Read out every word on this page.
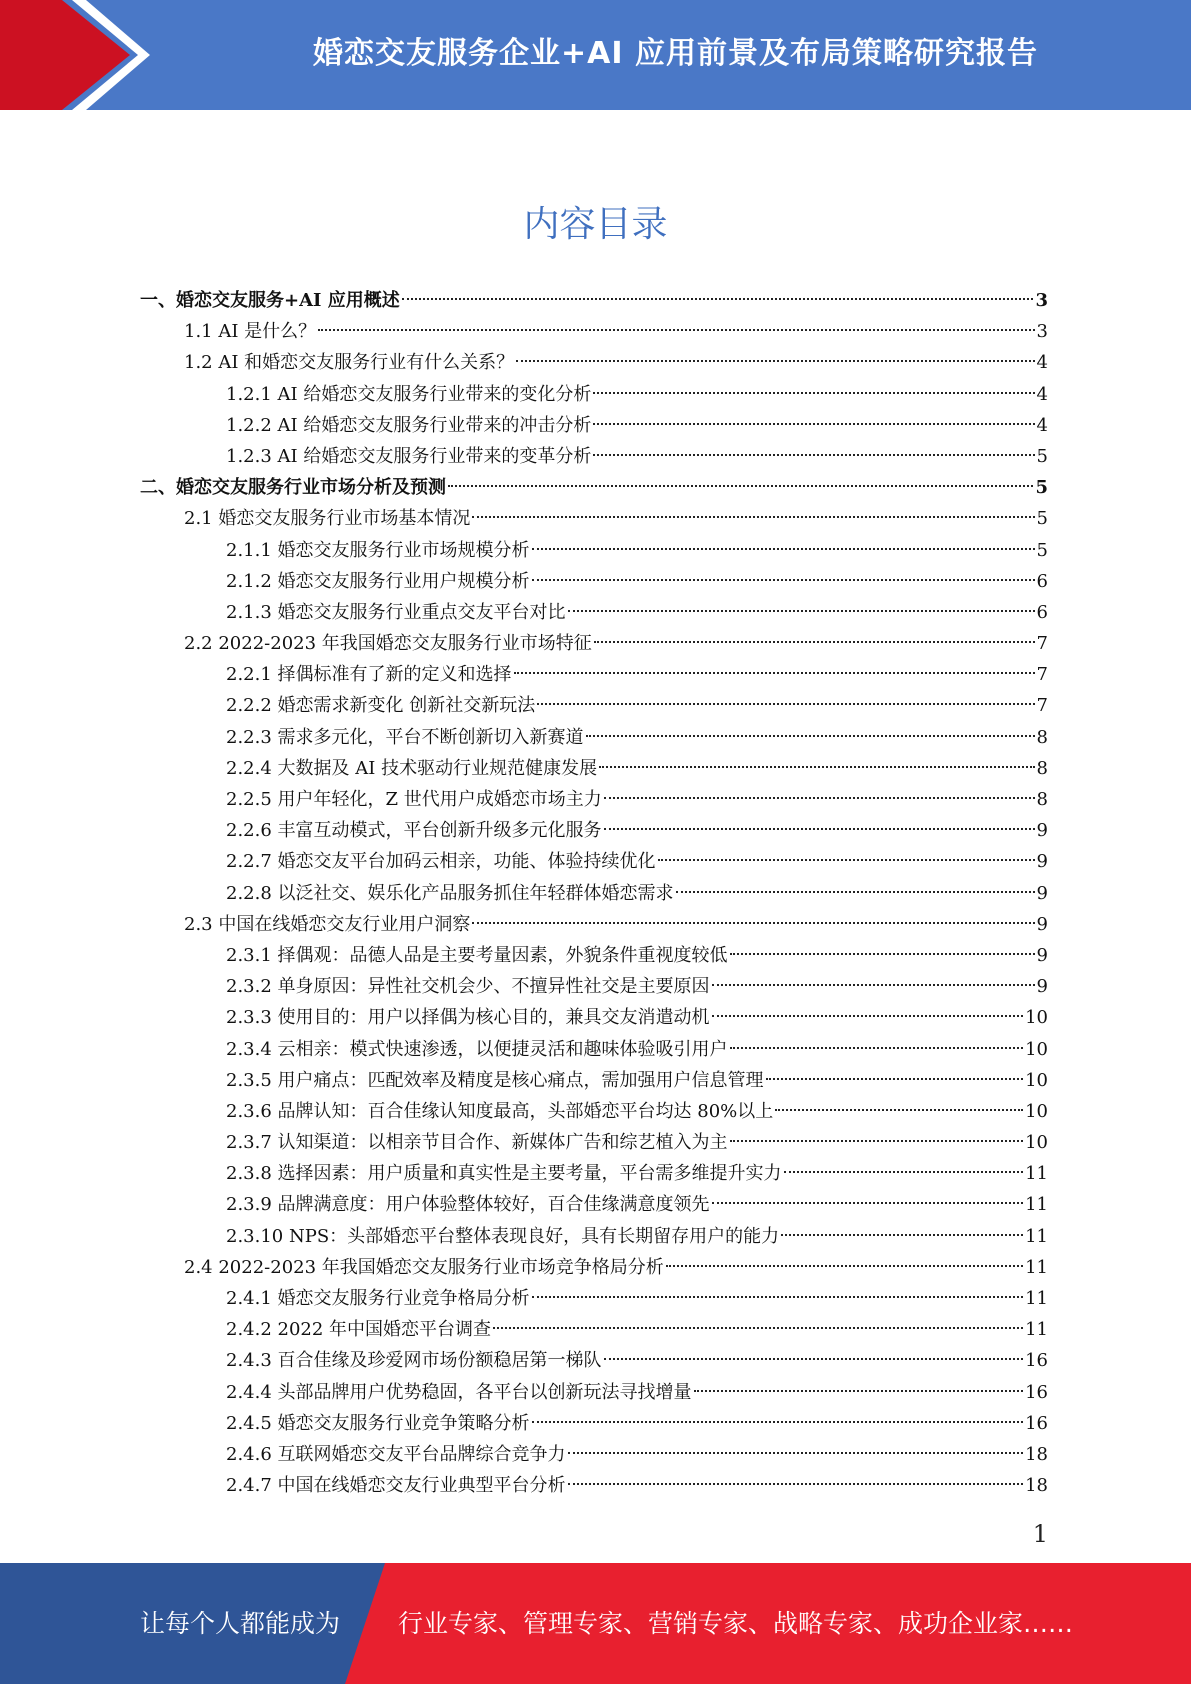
婚恋交友服务企业+AI 应用前景及布局策略研究报告
内容目录
一、婚恋交友服务+AI 应用概述	3
1.1 AI 是什么？	3
1.2 AI 和婚恋交友服务行业有什么关系？	4
1.2.1 AI 给婚恋交友服务行业带来的变化分析	4
1.2.2 AI 给婚恋交友服务行业带来的冲击分析	4
1.2.3 AI 给婚恋交友服务行业带来的变革分析	5
二、婚恋交友服务行业市场分析及预测	5
2.1 婚恋交友服务行业市场基本情况	5
2.1.1 婚恋交友服务行业市场规模分析	5
2.1.2 婚恋交友服务行业用户规模分析	6
2.1.3 婚恋交友服务行业重点交友平台对比	6
2.2 2022-2023 年我国婚恋交友服务行业市场特征	7
2.2.1 择偶标准有了新的定义和选择	7
2.2.2 婚恋需求新变化 创新社交新玩法	7
2.2.3 需求多元化，平台不断创新切入新赛道	8
2.2.4 大数据及 AI 技术驱动行业规范健康发展	8
2.2.5 用户年轻化，Z 世代用户成婚恋市场主力	8
2.2.6 丰富互动模式，平台创新升级多元化服务	9
2.2.7 婚恋交友平台加码云相亲，功能、体验持续优化	9
2.2.8 以泛社交、娱乐化产品服务抓住年轻群体婚恋需求	9
2.3 中国在线婚恋交友行业用户洞察	9
2.3.1 择偶观：品德人品是主要考量因素，外貌条件重视度较低	9
2.3.2 单身原因：异性社交机会少、不擅异性社交是主要原因	9
2.3.3 使用目的：用户以择偶为核心目的，兼具交友消遣动机	10
2.3.4 云相亲：模式快速渗透，以便捷灵活和趣味体验吸引用户	10
2.3.5 用户痛点：匹配效率及精度是核心痛点，需加强用户信息管理	10
2.3.6 品牌认知：百合佳缘认知度最高，头部婚恋平台均达 80%以上	10
2.3.7 认知渠道：以相亲节目合作、新媒体广告和综艺植入为主	10
2.3.8 选择因素：用户质量和真实性是主要考量，平台需多维提升实力	11
2.3.9 品牌满意度：用户体验整体较好，百合佳缘满意度领先	11
2.3.10 NPS：头部婚恋平台整体表现良好，具有长期留存用户的能力	11
2.4 2022-2023 年我国婚恋交友服务行业市场竞争格局分析	11
2.4.1 婚恋交友服务行业竞争格局分析	11
2.4.2 2022 年中国婚恋平台调查	11
2.4.3 百合佳缘及珍爱网市场份额稳居第一梯队	16
2.4.4 头部品牌用户优势稳固，各平台以创新玩法寻找增量	16
2.4.5 婚恋交友服务行业竞争策略分析	16
2.4.6 互联网婚恋交友平台品牌综合竞争力	18
2.4.7 中国在线婚恋交友行业典型平台分析	18
1
让每个人都能成为 行业专家、管理专家、营销专家、战略专家、成功企业家……
